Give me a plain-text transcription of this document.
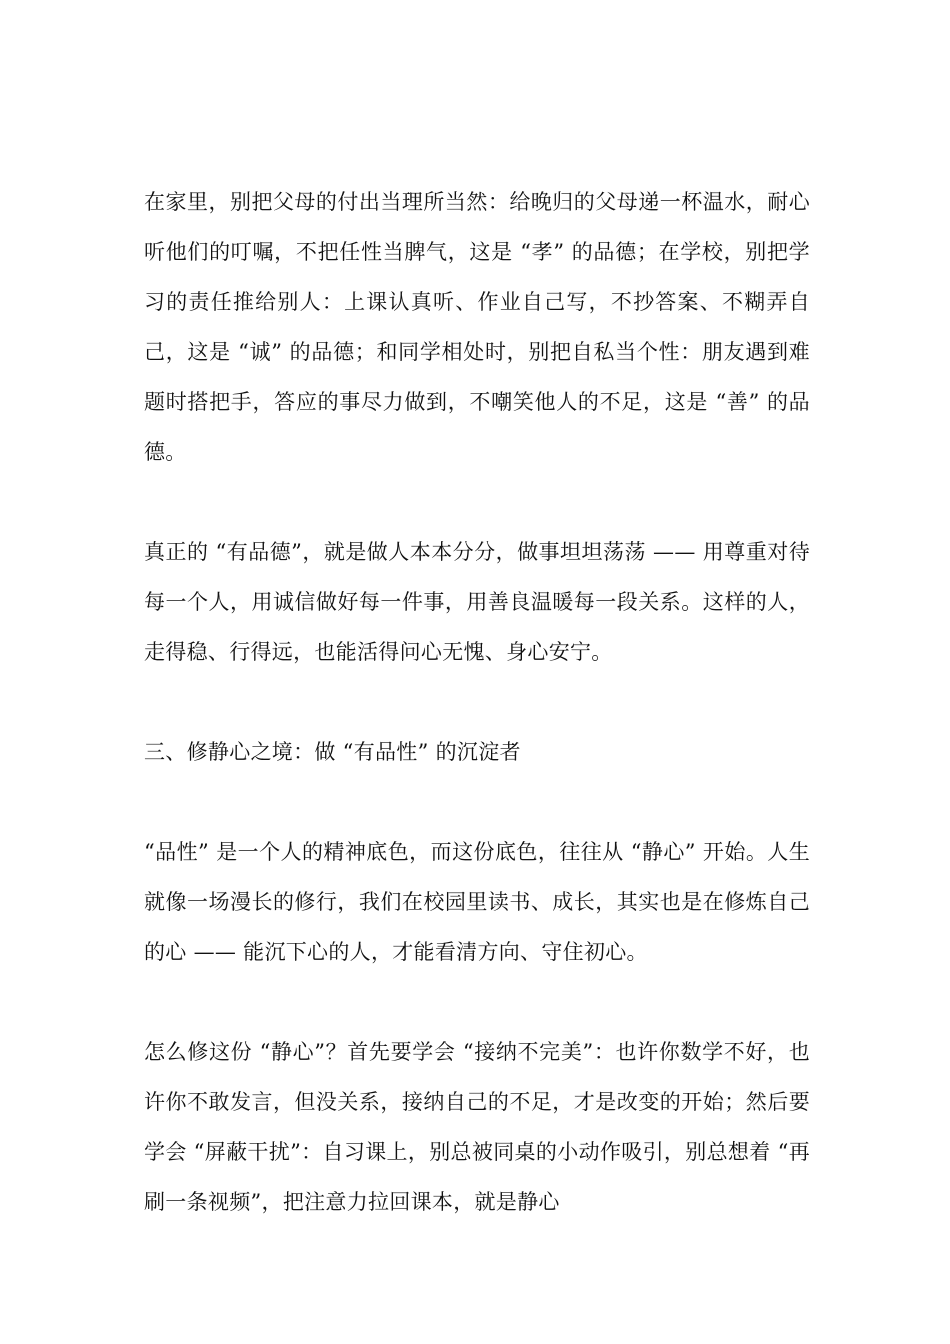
在家里，别把父母的付出当理所当然：给晚归的父母递一杯温水，耐心听他们的叮嘱，不把任性当脾气，这是 “孝” 的品德；在学校，别把学习的责任推给别人：上课认真听、作业自己写，不抄答案、不糊弄自己，这是 “诚” 的品德；和同学相处时，别把自私当个性：朋友遇到难题时搭把手，答应的事尽力做到，不嘲笑他人的不足，这是 “善” 的品德。

真正的 “有品德”，就是做人本本分分，做事坦坦荡荡 —— 用尊重对待每一个人，用诚信做好每一件事，用善良温暖每一段关系。这样的人，走得稳、行得远，也能活得问心无愧、身心安宁。

三、修静心之境：做 “有品性” 的沉淀者

“品性” 是一个人的精神底色，而这份底色，往往从 “静心” 开始。人生就像一场漫长的修行，我们在校园里读书、成长，其实也是在修炼自己的心 —— 能沉下心的人，才能看清方向、守住初心。

怎么修这份 “静心”？首先要学会 “接纳不完美”：也许你数学不好，也许你不敢发言，但没关系，接纳自己的不足，才是改变的开始；然后要学会 “屏蔽干扰”：自习课上，别总被同桌的小动作吸引，别总想着 “再刷一条视频”，把注意力拉回课本，就是静心
